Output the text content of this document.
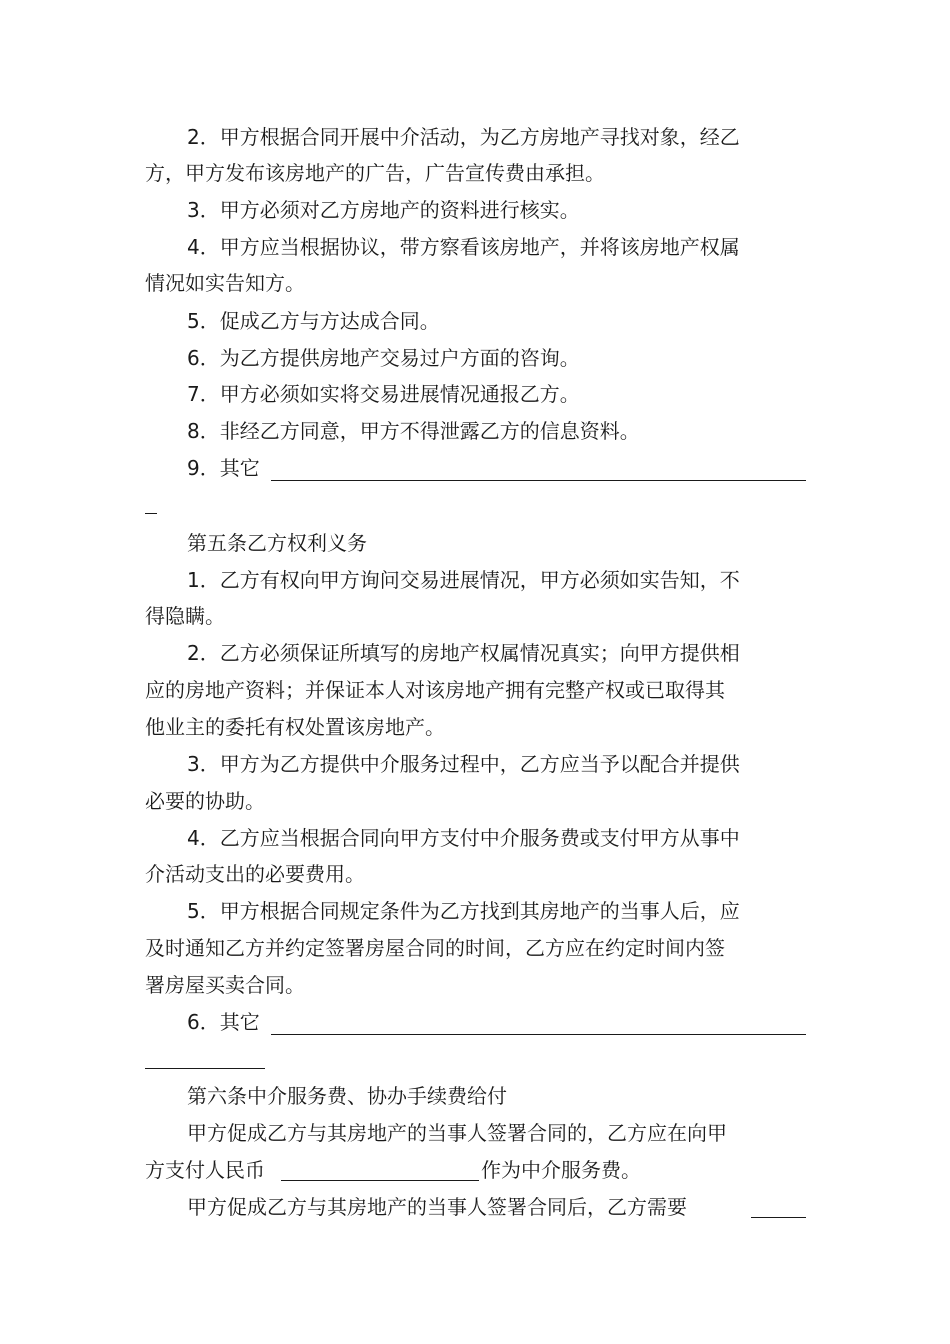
2．甲方根据合同开展中介活动，为乙方房地产寻找对象，经乙
方，甲方发布该房地产的广告，广告宣传费由承担。
3．甲方必须对乙方房地产的资料进行核实。
4．甲方应当根据协议，带方察看该房地产，并将该房地产权属
情况如实告知方。
5．促成乙方与方达成合同。
6．为乙方提供房地产交易过户方面的咨询。
7．甲方必须如实将交易进展情况通报乙方。
8．非经乙方同意，甲方不得泄露乙方的信息资料。
9．其它
第五条乙方权利义务
1．乙方有权向甲方询问交易进展情况，甲方必须如实告知，不
得隐瞒。
2．乙方必须保证所填写的房地产权属情况真实；向甲方提供相
应的房地产资料；并保证本人对该房地产拥有完整产权或已取得其
他业主的委托有权处置该房地产。
3．甲方为乙方提供中介服务过程中，乙方应当予以配合并提供
必要的协助。
4．乙方应当根据合同向甲方支付中介服务费或支付甲方从事中
介活动支出的必要费用。
5．甲方根据合同规定条件为乙方找到其房地产的当事人后，应
及时通知乙方并约定签署房屋合同的时间，乙方应在约定时间内签
署房屋买卖合同。
6．其它
第六条中介服务费、协办手续费给付
甲方促成乙方与其房地产的当事人签署合同的，乙方应在向甲
方支付人民币	作为中介服务费。
甲方促成乙方与其房地产的当事人签署合同后，乙方需要
